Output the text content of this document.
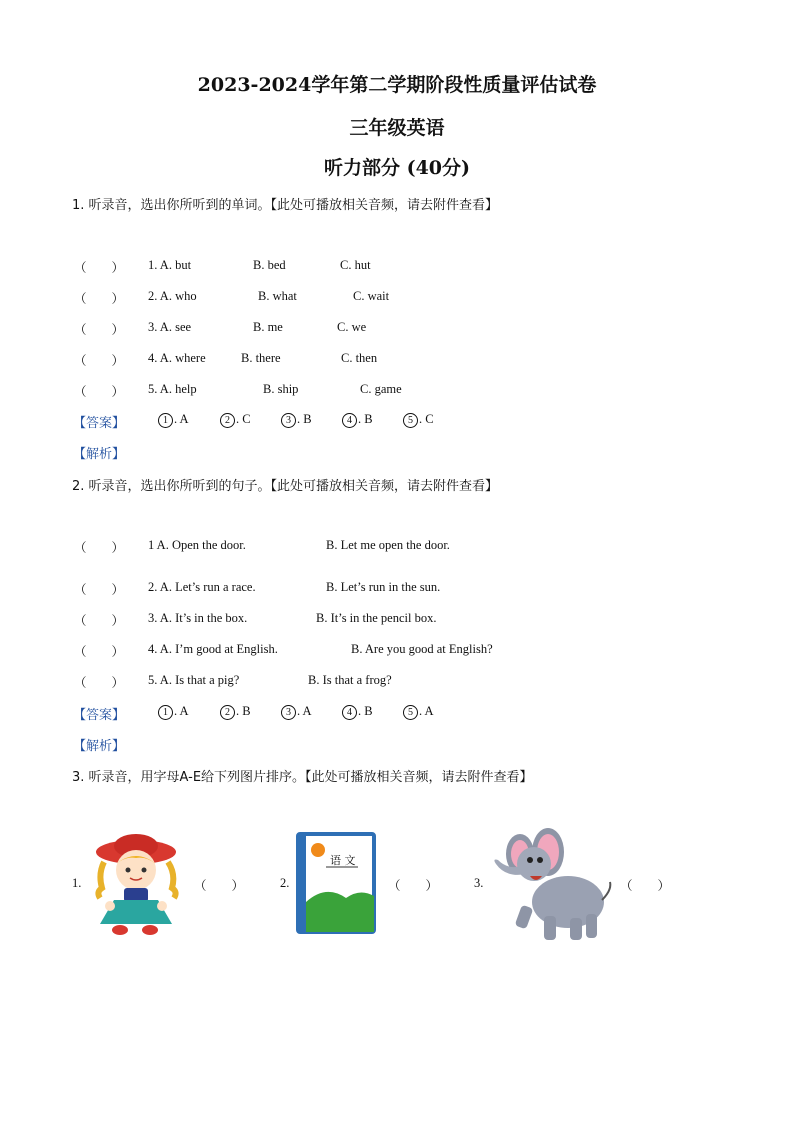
2023-2024学年第二学期阶段性质量评估试卷
三年级英语
听力部分 (40分)
1. 听录音，选出你所听到的单词。【此处可播放相关音频，请去附件查看】
（　　） 1. A. but	B. bed	C. hut
（　　） 2. A. who	B. what	C. wait
（　　） 3. A. see	B. me	C. we
（　　） 4. A. where	B. there	C. then
（　　） 5. A. help	B. ship	C. game
【答案】	1 . A	2 . C	3 . B	4 . B	5 . C
【解析】
2. 听录音，选出你所听到的句子。【此处可播放相关音频，请去附件查看】
（　　） 1 A. Open the door.	B. Let me open the door.
（　　） 2. A. Let’s run a race.	B. Let’s run in the sun.
（　　） 3. A. It’s in the box.	B. It’s in the pencil box.
（　　） 4. A. I’m good at English.	B. Are you good at English?
（　　） 5. A. Is that a pig?	B. Is that a frog?
【答案】	1 . A	2 . B	3 . A	4 . B	5 . A
【解析】
3. 听录音，用字母A-E给下列图片排序。【此处可播放相关音频，请去附件查看】
1.	（　　）	2.
语 文
（　　）	3.	（　　）
